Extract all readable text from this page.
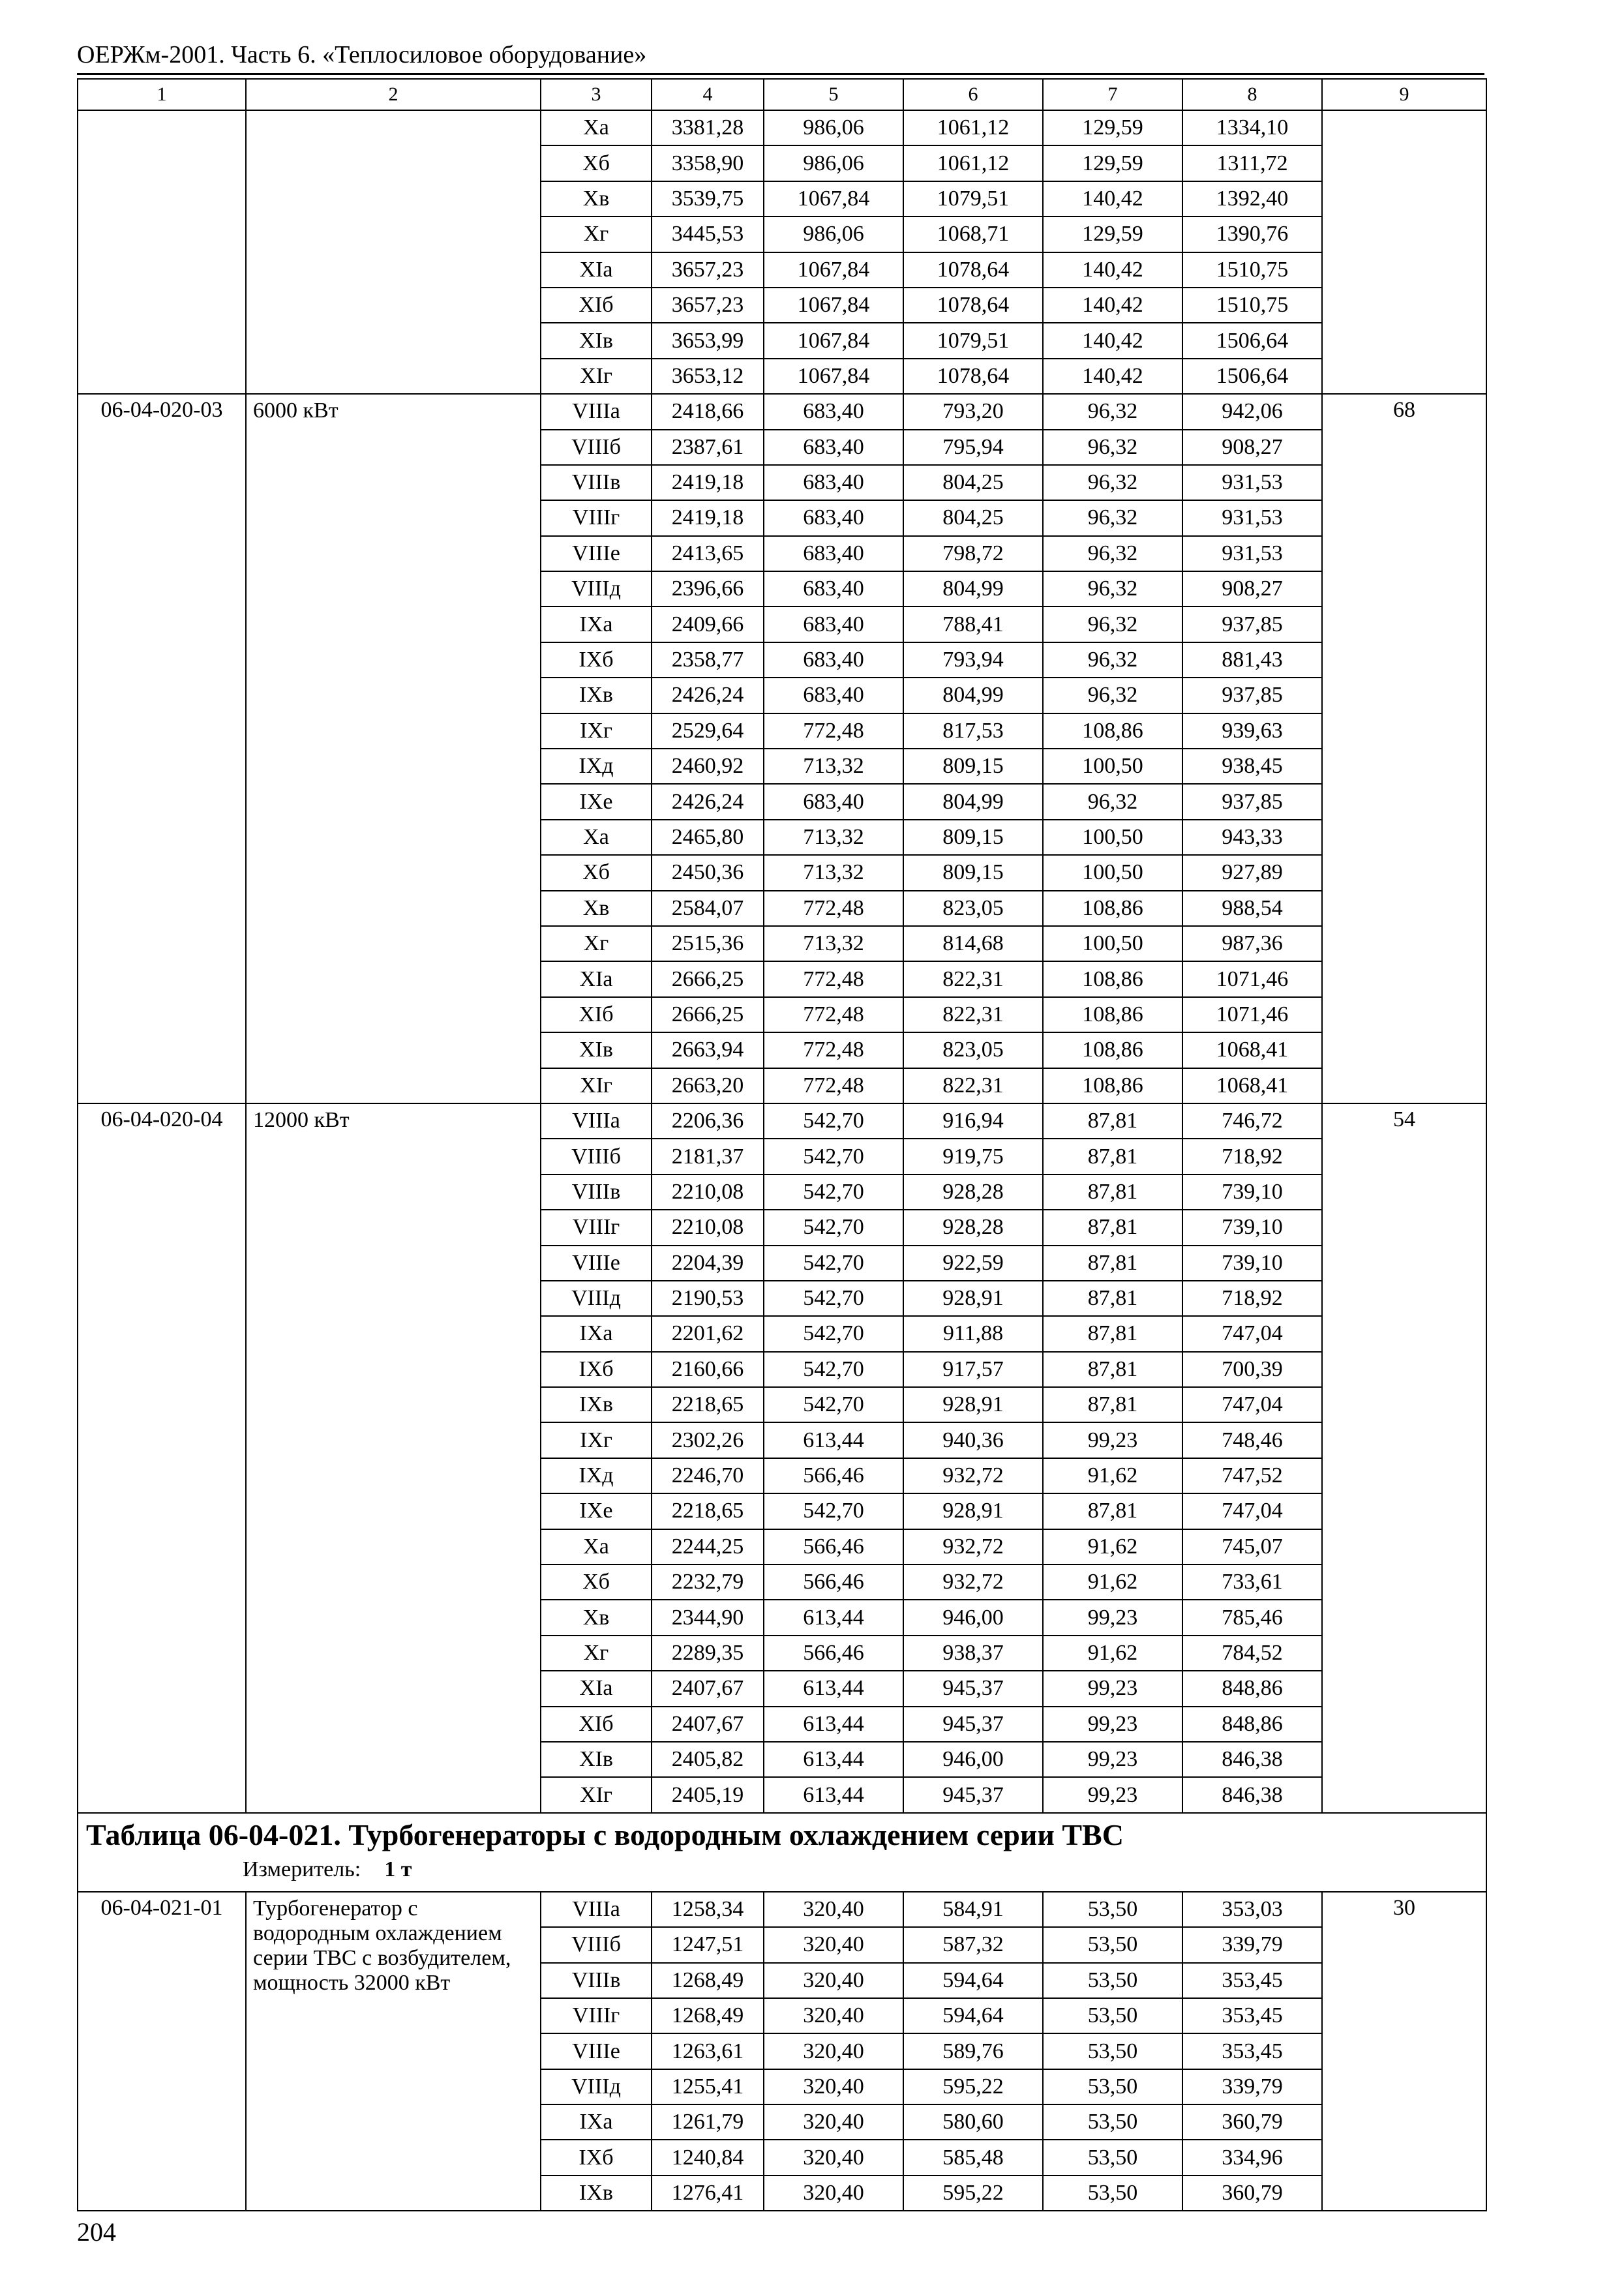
ОЕРЖм-2001. Часть 6. «Теплосиловое оборудование»
1	2	3	4	5	6	7	8	9
		Xa	3381,28	986,06	1061,12	129,59	1334,10	
		Xб	3358,90	986,06	1061,12	129,59	1311,72	
		Xв	3539,75	1067,84	1079,51	140,42	1392,40	
		Xг	3445,53	986,06	1068,71	129,59	1390,76	
		XIa	3657,23	1067,84	1078,64	140,42	1510,75	
		XIб	3657,23	1067,84	1078,64	140,42	1510,75	
		XIв	3653,99	1067,84	1079,51	140,42	1506,64	
		XIг	3653,12	1067,84	1078,64	140,42	1506,64	
06-04-020-03	6000 кВт	VIIIa	2418,66	683,40	793,20	96,32	942,06	68
		VIIIб	2387,61	683,40	795,94	96,32	908,27	
		VIIIв	2419,18	683,40	804,25	96,32	931,53	
		VIIIг	2419,18	683,40	804,25	96,32	931,53	
		VIIIe	2413,65	683,40	798,72	96,32	931,53	
		VIIIд	2396,66	683,40	804,99	96,32	908,27	
		IXa	2409,66	683,40	788,41	96,32	937,85	
		IXб	2358,77	683,40	793,94	96,32	881,43	
		IXв	2426,24	683,40	804,99	96,32	937,85	
		IXг	2529,64	772,48	817,53	108,86	939,63	
		IXд	2460,92	713,32	809,15	100,50	938,45	
		IXe	2426,24	683,40	804,99	96,32	937,85	
		Xa	2465,80	713,32	809,15	100,50	943,33	
		Xб	2450,36	713,32	809,15	100,50	927,89	
		Xв	2584,07	772,48	823,05	108,86	988,54	
		Xг	2515,36	713,32	814,68	100,50	987,36	
		XIa	2666,25	772,48	822,31	108,86	1071,46	
		XIб	2666,25	772,48	822,31	108,86	1071,46	
		XIв	2663,94	772,48	823,05	108,86	1068,41	
		XIг	2663,20	772,48	822,31	108,86	1068,41	
06-04-020-04	12000 кВт	VIIIa	2206,36	542,70	916,94	87,81	746,72	54
		VIIIб	2181,37	542,70	919,75	87,81	718,92	
		VIIIв	2210,08	542,70	928,28	87,81	739,10	
		VIIIг	2210,08	542,70	928,28	87,81	739,10	
		VIIIe	2204,39	542,70	922,59	87,81	739,10	
		VIIIд	2190,53	542,70	928,91	87,81	718,92	
		IXa	2201,62	542,70	911,88	87,81	747,04	
		IXб	2160,66	542,70	917,57	87,81	700,39	
		IXв	2218,65	542,70	928,91	87,81	747,04	
		IXг	2302,26	613,44	940,36	99,23	748,46	
		IXд	2246,70	566,46	932,72	91,62	747,52	
		IXe	2218,65	542,70	928,91	87,81	747,04	
		Xa	2244,25	566,46	932,72	91,62	745,07	
		Xб	2232,79	566,46	932,72	91,62	733,61	
		Xв	2344,90	613,44	946,00	99,23	785,46	
		Xг	2289,35	566,46	938,37	91,62	784,52	
		XIa	2407,67	613,44	945,37	99,23	848,86	
		XIб	2407,67	613,44	945,37	99,23	848,86	
		XIв	2405,82	613,44	946,00	99,23	846,38	
		XIг	2405,19	613,44	945,37	99,23	846,38	

Таблица 06-04-021. Турбогенераторы с водородным охлаждением серии ТВС
Измеритель: 1 т								

06-04-021-01	Турбогенератор с водородным охлаждением серии ТВС с возбудителем, мощность 32000 кВт	VIIIa	1258,34	320,40	584,91	53,50	353,03	30
		VIIIб	1247,51	320,40	587,32	53,50	339,79	
		VIIIв	1268,49	320,40	594,64	53,50	353,45	
		VIIIг	1268,49	320,40	594,64	53,50	353,45	
		VIIIe	1263,61	320,40	589,76	53,50	353,45	
		VIIIд	1255,41	320,40	595,22	53,50	339,79	
		IXa	1261,79	320,40	580,60	53,50	360,79	
		IXб	1240,84	320,40	585,48	53,50	334,96	
		IXв	1276,41	320,40	595,22	53,50	360,79	
204
